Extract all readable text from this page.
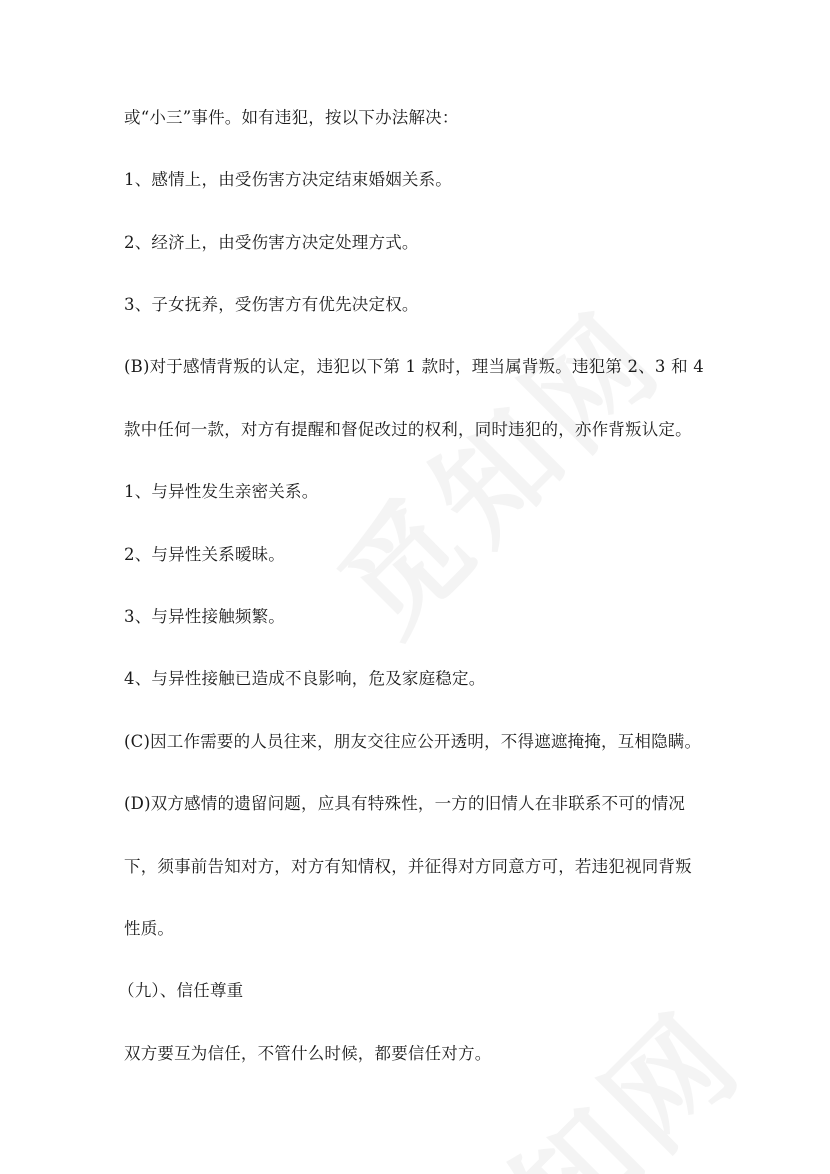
或“小三”事件。如有违犯，按以下办法解决：
1、感情上，由受伤害方决定结束婚姻关系。
2、经济上，由受伤害方决定处理方式。
3、子女抚养，受伤害方有优先决定权。
(B)对于感情背叛的认定，违犯以下第 1 款时，理当属背叛。违犯第 2、3 和 4
款中任何一款，对方有提醒和督促改过的权利，同时违犯的，亦作背叛认定。
1、与异性发生亲密关系。
2、与异性关系暧昧。
3、与异性接触频繁。
4、与异性接触已造成不良影响，危及家庭稳定。
(C)因工作需要的人员往来，朋友交往应公开透明，不得遮遮掩掩，互相隐瞒。
(D)双方感情的遗留问题，应具有特殊性，一方的旧情人在非联系不可的情况
下，须事前告知对方，对方有知情权，并征得对方同意方可，若违犯视同背叛
性质。
（九）、信任尊重
双方要互为信任，不管什么时候，都要信任对方。
